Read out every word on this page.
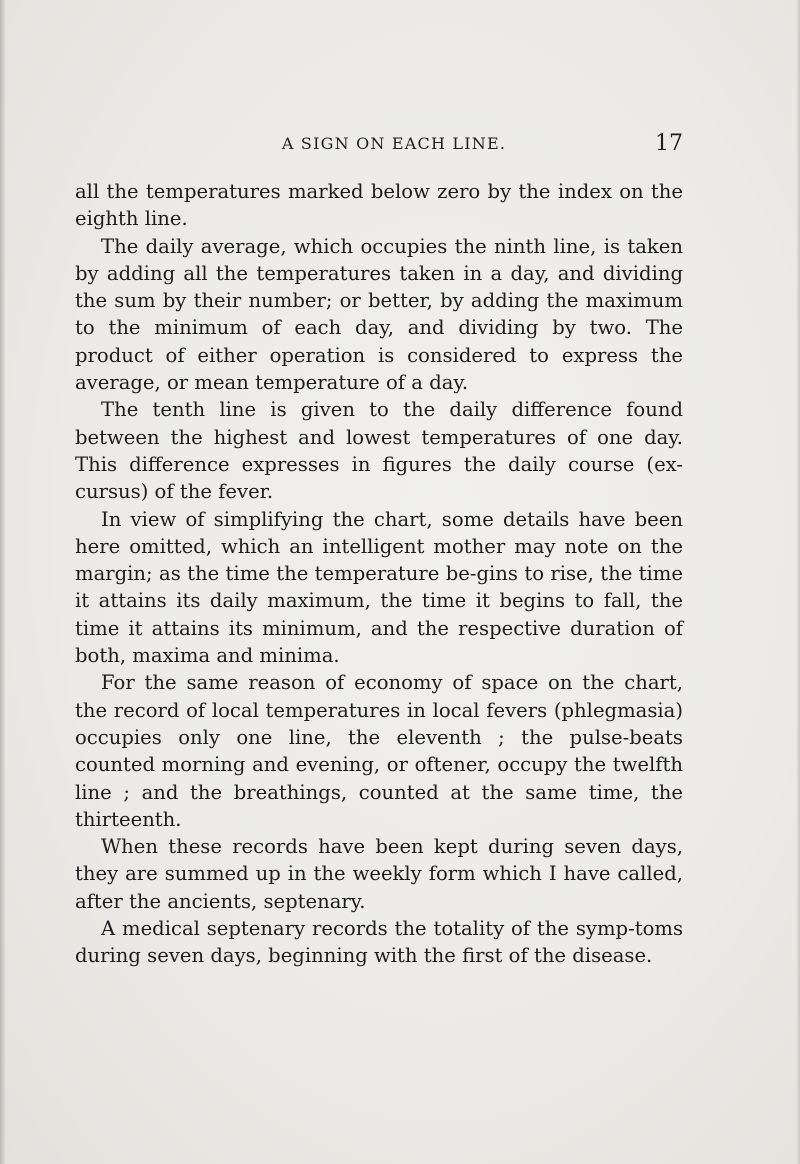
A SIGN ON EACH LINE.	17

all the temperatures marked below zero by the index on the eighth line.

The daily average, which occupies the ninth line, is taken by adding all the temperatures taken in a day, and dividing the sum by their number; or better, by adding the maximum to the minimum of each day, and dividing by two. The product of either operation is considered to express the average, or mean temperature of a day.

The tenth line is given to the daily difference found between the highest and lowest temperatures of one day. This difference expresses in figures the daily course (ex-cursus) of the fever.

In view of simplifying the chart, some details have been here omitted, which an intelligent mother may note on the margin; as the time the temperature be-gins to rise, the time it attains its daily maximum, the time it begins to fall, the time it attains its minimum, and the respective duration of both, maxima and minima.

For the same reason of economy of space on the chart, the record of local temperatures in local fevers (phlegmasia) occupies only one line, the eleventh ; the pulse-beats counted morning and evening, or oftener, occupy the twelfth line ; and the breathings, counted at the same time, the thirteenth.

When these records have been kept during seven days, they are summed up in the weekly form which I have called, after the ancients, septenary.

A medical septenary records the totality of the symp-toms during seven days, beginning with the first of the disease.
